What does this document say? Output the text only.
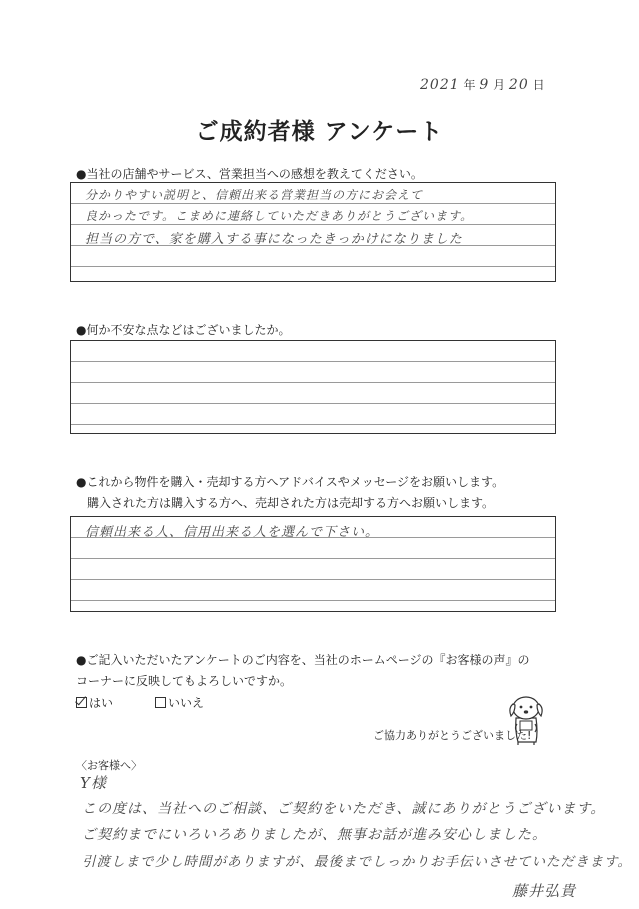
2021 年 9 月 20 日
ご成約者様 アンケート
●当社の店舗やサービス、営業担当への感想を教えてください。
分かりやすい説明と、信頼出来る営業担当の方にお会えて
良かったです。こまめに連絡していただきありがとうございます。
担当の方で、家を購入する事になったきっかけになりました
●何か不安な点などはございましたか。
●これから物件を購入・売却する方へアドバイスやメッセージをお願いします。
購入された方は購入する方へ、売却された方は売却する方へお願いします。
信頼出来る人、信用出来る人を選んで下さい。
●ご記入いただいたアンケートのご内容を、当社のホームページの『お客様の声』の
コーナーに反映してもよろしいですか。
はい	いいえ
ご協力ありがとうございました!
〈お客様へ〉
Y様
この度は、当社へのご相談、ご契約をいただき、誠にありがとうございます。
ご契約までにいろいろありましたが、無事お話が進み安心しました。
引渡しまで少し時間がありますが、最後までしっかりお手伝いさせていただきます。
藤井弘貴
